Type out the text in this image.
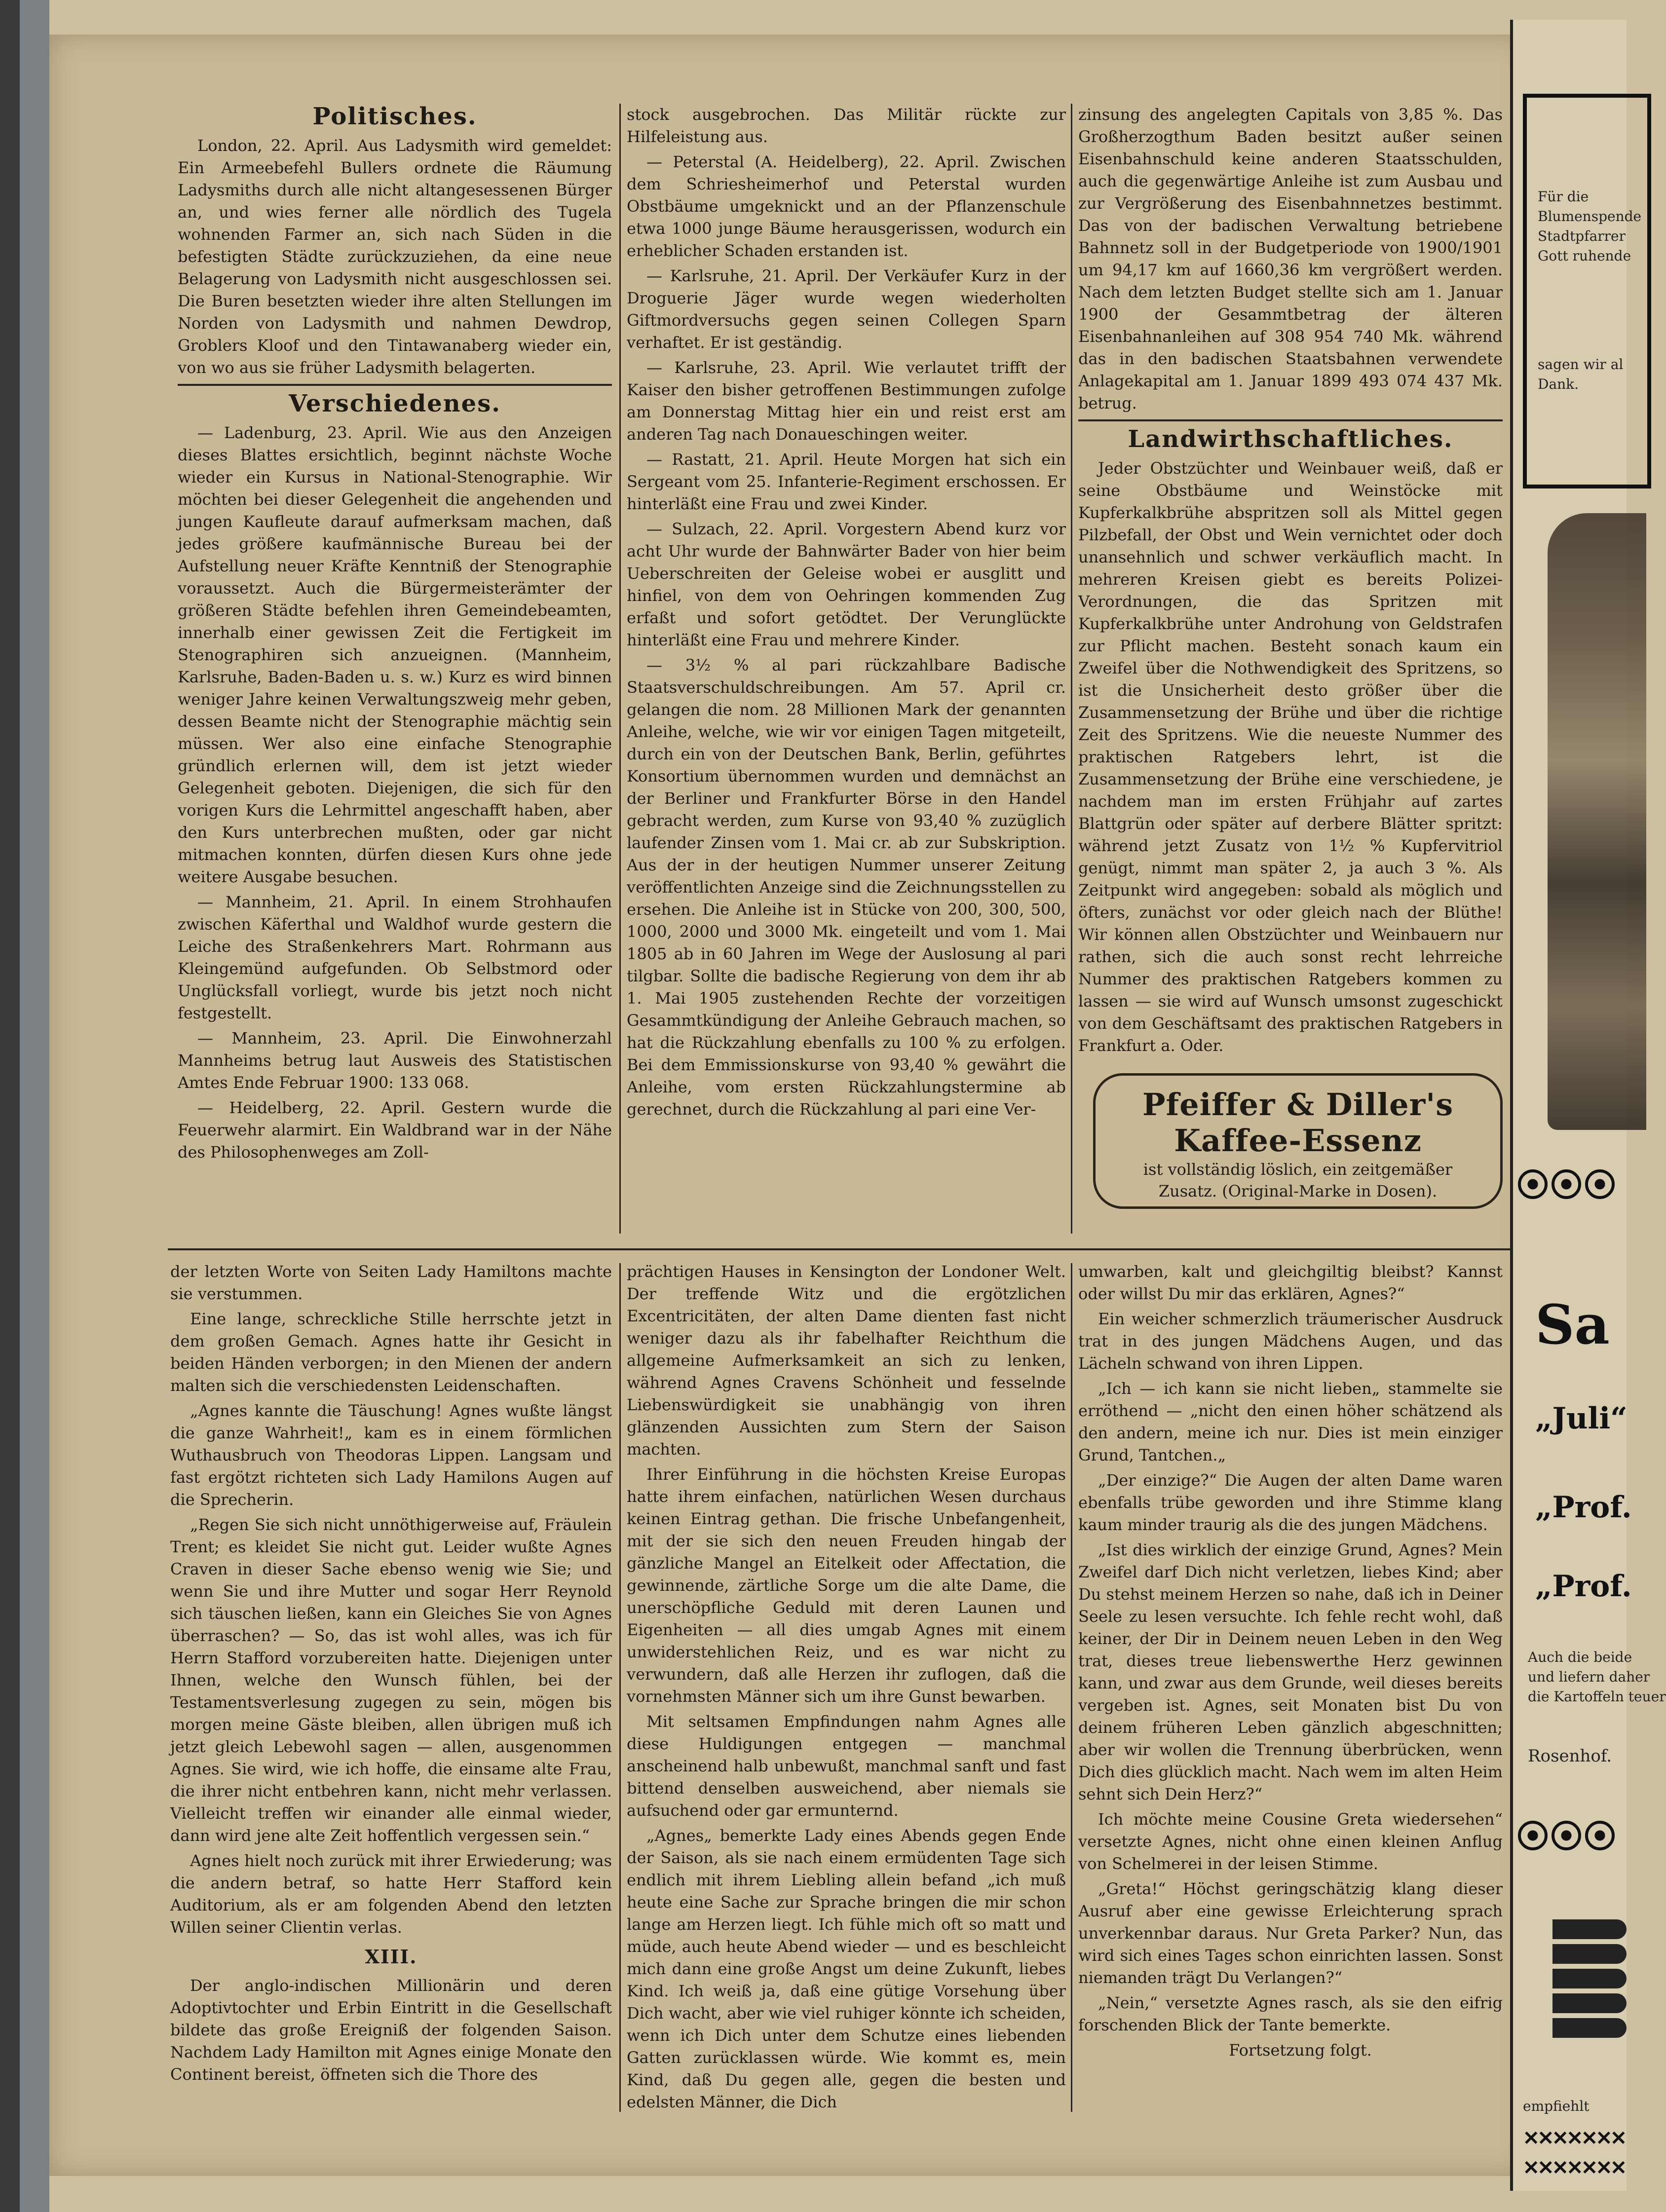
Politisches.

London, 22. April. Aus Ladysmith wird gemeldet: Ein Armeebefehl Bullers ordnete die Räumung Ladysmiths durch alle nicht altangesessenen Bürger an, und wies ferner alle nördlich des Tugela wohnenden Farmer an, sich nach Süden in die befestigten Städte zurückzuziehen, da eine neue Belagerung von Ladysmith nicht ausgeschlossen sei. Die Buren besetzten wieder ihre alten Stellungen im Norden von Ladysmith und nahmen Dewdrop, Groblers Kloof und den Tintawanaberg wieder ein, von wo aus sie früher Ladysmith belagerten.

Verschiedenes.

— Ladenburg, 23. April. Wie aus den Anzeigen dieses Blattes ersichtlich, beginnt nächste Woche wieder ein Kursus in National-Stenographie. Wir möchten bei dieser Gelegenheit die angehenden und jungen Kaufleute darauf aufmerksam machen, daß jedes größere kaufmännische Bureau bei der Aufstellung neuer Kräfte Kenntniß der Stenographie voraussetzt. Auch die Bürgermeisterämter der größeren Städte befehlen ihren Gemeindebeamten, innerhalb einer gewissen Zeit die Fertigkeit im Stenographiren sich anzueignen. (Mannheim, Karlsruhe, Baden-Baden u. s. w.) Kurz es wird binnen weniger Jahre keinen Verwaltungszweig mehr geben, dessen Beamte nicht der Stenographie mächtig sein müssen. Wer also eine einfache Stenographie gründlich erlernen will, dem ist jetzt wieder Gelegenheit geboten. Diejenigen, die sich für den vorigen Kurs die Lehrmittel angeschafft haben, aber den Kurs unterbrechen mußten, oder gar nicht mitmachen konnten, dürfen diesen Kurs ohne jede weitere Ausgabe besuchen.

— Mannheim, 21. April. In einem Strohhaufen zwischen Käferthal und Waldhof wurde gestern die Leiche des Straßenkehrers Mart. Rohrmann aus Kleingemünd aufgefunden. Ob Selbstmord oder Unglücksfall vorliegt, wurde bis jetzt noch nicht festgestellt.

— Mannheim, 23. April. Die Einwohnerzahl Mannheims betrug laut Ausweis des Statistischen Amtes Ende Februar 1900: 133 068.

— Heidelberg, 22. April. Gestern wurde die Feuerwehr alarmirt. Ein Waldbrand war in der Nähe des Philosophenweges am Zoll-

stock ausgebrochen. Das Militär rückte zur Hilfeleistung aus.

— Peterstal (A. Heidelberg), 22. April. Zwischen dem Schriesheimerhof und Peterstal wurden Obstbäume umgeknickt und an der Pflanzenschule etwa 1000 junge Bäume herausgerissen, wodurch ein erheblicher Schaden erstanden ist.

— Karlsruhe, 21. April. Der Verkäufer Kurz in der Droguerie Jäger wurde wegen wiederholten Giftmordversuchs gegen seinen Collegen Sparn verhaftet. Er ist geständig.

— Karlsruhe, 23. April. Wie verlautet trifft der Kaiser den bisher getroffenen Bestimmungen zufolge am Donnerstag Mittag hier ein und reist erst am anderen Tag nach Donaueschingen weiter.

— Rastatt, 21. April. Heute Morgen hat sich ein Sergeant vom 25. Infanterie-Regiment erschossen. Er hinterläßt eine Frau und zwei Kinder.

— Sulzach, 22. April. Vorgestern Abend kurz vor acht Uhr wurde der Bahnwärter Bader von hier beim Ueberschreiten der Geleise wobei er ausglitt und hinfiel, von dem von Oehringen kommenden Zug erfaßt und sofort getödtet. Der Verunglückte hinterläßt eine Frau und mehrere Kinder.

— 3½ % al pari rückzahlbare Badische Staatsverschuldschreibungen. Am 57. April cr. gelangen die nom. 28 Millionen Mark der genannten Anleihe, welche, wie wir vor einigen Tagen mitgeteilt, durch ein von der Deutschen Bank, Berlin, geführtes Konsortium übernommen wurden und demnächst an der Berliner und Frankfurter Börse in den Handel gebracht werden, zum Kurse von 93,40 % zuzüglich laufender Zinsen vom 1. Mai cr. ab zur Subskription. Aus der in der heutigen Nummer unserer Zeitung veröffentlichten Anzeige sind die Zeichnungsstellen zu ersehen. Die Anleihe ist in Stücke von 200, 300, 500, 1000, 2000 und 3000 Mk. eingeteilt und vom 1. Mai 1805 ab in 60 Jahren im Wege der Auslosung al pari tilgbar. Sollte die badische Regierung von dem ihr ab 1. Mai 1905 zustehenden Rechte der vorzeitigen Gesammtkündigung der Anleihe Gebrauch machen, so hat die Rückzahlung ebenfalls zu 100 % zu erfolgen. Bei dem Emmissionskurse von 93,40 % gewährt die Anleihe, vom ersten Rückzahlungstermine ab gerechnet, durch die Rückzahlung al pari eine Ver-

zinsung des angelegten Capitals von 3,85 %. Das Großherzogthum Baden besitzt außer seinen Eisenbahnschuld keine anderen Staatsschulden, auch die gegenwärtige Anleihe ist zum Ausbau und zur Vergrößerung des Eisenbahnnetzes bestimmt. Das von der badischen Verwaltung betriebene Bahnnetz soll in der Budgetperiode von 1900/1901 um 94,17 km auf 1660,36 km vergrößert werden. Nach dem letzten Budget stellte sich am 1. Januar 1900 der Gesammtbetrag der älteren Eisenbahnanleihen auf 308 954 740 Mk. während das in den badischen Staatsbahnen verwendete Anlagekapital am 1. Januar 1899 493 074 437 Mk. betrug.

Landwirthschaftliches.

Jeder Obstzüchter und Weinbauer weiß, daß er seine Obstbäume und Weinstöcke mit Kupferkalkbrühe abspritzen soll als Mittel gegen Pilzbefall, der Obst und Wein vernichtet oder doch unansehnlich und schwer verkäuflich macht. In mehreren Kreisen giebt es bereits Polizei-Verordnungen, die das Spritzen mit Kupferkalkbrühe unter Androhung von Geldstrafen zur Pflicht machen. Besteht sonach kaum ein Zweifel über die Nothwendigkeit des Spritzens, so ist die Unsicherheit desto größer über die Zusammensetzung der Brühe und über die richtige Zeit des Spritzens. Wie die neueste Nummer des praktischen Ratgebers lehrt, ist die Zusammensetzung der Brühe eine verschiedene, je nachdem man im ersten Frühjahr auf zartes Blattgrün oder später auf derbere Blätter spritzt: während jetzt Zusatz von 1½ % Kupfervitriol genügt, nimmt man später 2, ja auch 3 %. Als Zeitpunkt wird angegeben: sobald als möglich und öfters, zunächst vor oder gleich nach der Blüthe! Wir können allen Obstzüchter und Weinbauern nur rathen, sich die auch sonst recht lehrreiche Nummer des praktischen Ratgebers kommen zu lassen — sie wird auf Wunsch umsonst zugeschickt von dem Geschäftsamt des praktischen Ratgebers in Frankfurt a. Oder.

Pfeiffer & Diller's Kaffee-Essenz
ist vollständig löslich, ein zeitgemäßer
Zusatz. (Original-Marke in Dosen).

der letzten Worte von Seiten Lady Hamiltons machte sie verstummen.

Eine lange, schreckliche Stille herrschte jetzt in dem großen Gemach. Agnes hatte ihr Gesicht in beiden Händen verborgen; in den Mienen der andern malten sich die verschiedensten Leidenschaften.

„Agnes kannte die Täuschung! Agnes wußte längst die ganze Wahrheit!„ kam es in einem förmlichen Wuthausbruch von Theodoras Lippen. Langsam und fast ergötzt richteten sich Lady Hamilons Augen auf die Sprecherin.

„Regen Sie sich nicht unnöthigerweise auf, Fräulein Trent; es kleidet Sie nicht gut. Leider wußte Agnes Craven in dieser Sache ebenso wenig wie Sie; und wenn Sie und ihre Mutter und sogar Herr Reynold sich täuschen ließen, kann ein Gleiches Sie von Agnes überraschen? — So, das ist wohl alles, was ich für Herrn Stafford vorzubereiten hatte. Diejenigen unter Ihnen, welche den Wunsch fühlen, bei der Testamentsverlesung zugegen zu sein, mögen bis morgen meine Gäste bleiben, allen übrigen muß ich jetzt gleich Lebewohl sagen — allen, ausgenommen Agnes. Sie wird, wie ich hoffe, die einsame alte Frau, die ihrer nicht entbehren kann, nicht mehr verlassen. Vielleicht treffen wir einander alle einmal wieder, dann wird jene alte Zeit hoffentlich vergessen sein.“

Agnes hielt noch zurück mit ihrer Erwiederung; was die andern betraf, so hatte Herr Stafford kein Auditorium, als er am folgenden Abend den letzten Willen seiner Clientin verlas.

XIII.

Der anglo-indischen Millionärin und deren Adoptivtochter und Erbin Eintritt in die Gesellschaft bildete das große Ereigniß der folgenden Saison. Nachdem Lady Hamilton mit Agnes einige Monate den Continent bereist, öffneten sich die Thore des

prächtigen Hauses in Kensington der Londoner Welt. Der treffende Witz und die ergötzlichen Excentricitäten, der alten Dame dienten fast nicht weniger dazu als ihr fabelhafter Reichthum die allgemeine Aufmerksamkeit an sich zu lenken, während Agnes Cravens Schönheit und fesselnde Liebenswürdigkeit sie unabhängig von ihren glänzenden Aussichten zum Stern der Saison machten.

Ihrer Einführung in die höchsten Kreise Europas hatte ihrem einfachen, natürlichen Wesen durchaus keinen Eintrag gethan. Die frische Unbefangenheit, mit der sie sich den neuen Freuden hingab der gänzliche Mangel an Eitelkeit oder Affectation, die gewinnende, zärtliche Sorge um die alte Dame, die unerschöpfliche Geduld mit deren Launen und Eigenheiten — all dies umgab Agnes mit einem unwiderstehlichen Reiz, und es war nicht zu verwundern, daß alle Herzen ihr zuflogen, daß die vornehmsten Männer sich um ihre Gunst bewarben.

Mit seltsamen Empfindungen nahm Agnes alle diese Huldigungen entgegen — manchmal anscheinend halb unbewußt, manchmal sanft und fast bittend denselben ausweichend, aber niemals sie aufsuchend oder gar ermunternd.

„Agnes„ bemerkte Lady eines Abends gegen Ende der Saison, als sie nach einem ermüdenten Tage sich endlich mit ihrem Liebling allein befand „ich muß heute eine Sache zur Sprache bringen die mir schon lange am Herzen liegt. Ich fühle mich oft so matt und müde, auch heute Abend wieder — und es beschleicht mich dann eine große Angst um deine Zukunft, liebes Kind. Ich weiß ja, daß eine gütige Vorsehung über Dich wacht, aber wie viel ruhiger könnte ich scheiden, wenn ich Dich unter dem Schutze eines liebenden Gatten zurücklassen würde. Wie kommt es, mein Kind, daß Du gegen alle, gegen die besten und edelsten Männer, die Dich

umwarben, kalt und gleichgiltig bleibst? Kannst oder willst Du mir das erklären, Agnes?“

Ein weicher schmerzlich träumerischer Ausdruck trat in des jungen Mädchens Augen, und das Lächeln schwand von ihren Lippen.

„Ich — ich kann sie nicht lieben„ stammelte sie erröthend — „nicht den einen höher schätzend als den andern, meine ich nur. Dies ist mein einziger Grund, Tantchen.„

„Der einzige?“ Die Augen der alten Dame waren ebenfalls trübe geworden und ihre Stimme klang kaum minder traurig als die des jungen Mädchens.

„Ist dies wirklich der einzige Grund, Agnes? Mein Zweifel darf Dich nicht verletzen, liebes Kind; aber Du stehst meinem Herzen so nahe, daß ich in Deiner Seele zu lesen versuchte. Ich fehle recht wohl, daß keiner, der Dir in Deinem neuen Leben in den Weg trat, dieses treue liebenswerthe Herz gewinnen kann, und zwar aus dem Grunde, weil dieses bereits vergeben ist. Agnes, seit Monaten bist Du von deinem früheren Leben gänzlich abgeschnitten; aber wir wollen die Trennung überbrücken, wenn Dich dies glücklich macht. Nach wem im alten Heim sehnt sich Dein Herz?“

Ich möchte meine Cousine Greta wiedersehen“ versetzte Agnes, nicht ohne einen kleinen Anflug von Schelmerei in der leisen Stimme.

„Greta!“ Höchst geringschätzig klang dieser Ausruf aber eine gewisse Erleichterung sprach unverkennbar daraus. Nur Greta Parker? Nun, das wird sich eines Tages schon einrichten lassen. Sonst niemanden trägt Du Verlangen?“

„Nein,“ versetzte Agnes rasch, als sie den eifrig forschenden Blick der Tante bemerkte.

Fortsetzung folgt.

Für die
Blumenspende
Stadtpfarrer
Gott ruhende
sagen wir al
Dank.
Sa
„Juli“
„Prof.
„Prof.
Auch die beide
und liefern daher
die Kartoffeln teuer
Rosenhof.
empfiehlt
✕✕✕✕✕✕✕
✕✕✕✕✕✕✕
